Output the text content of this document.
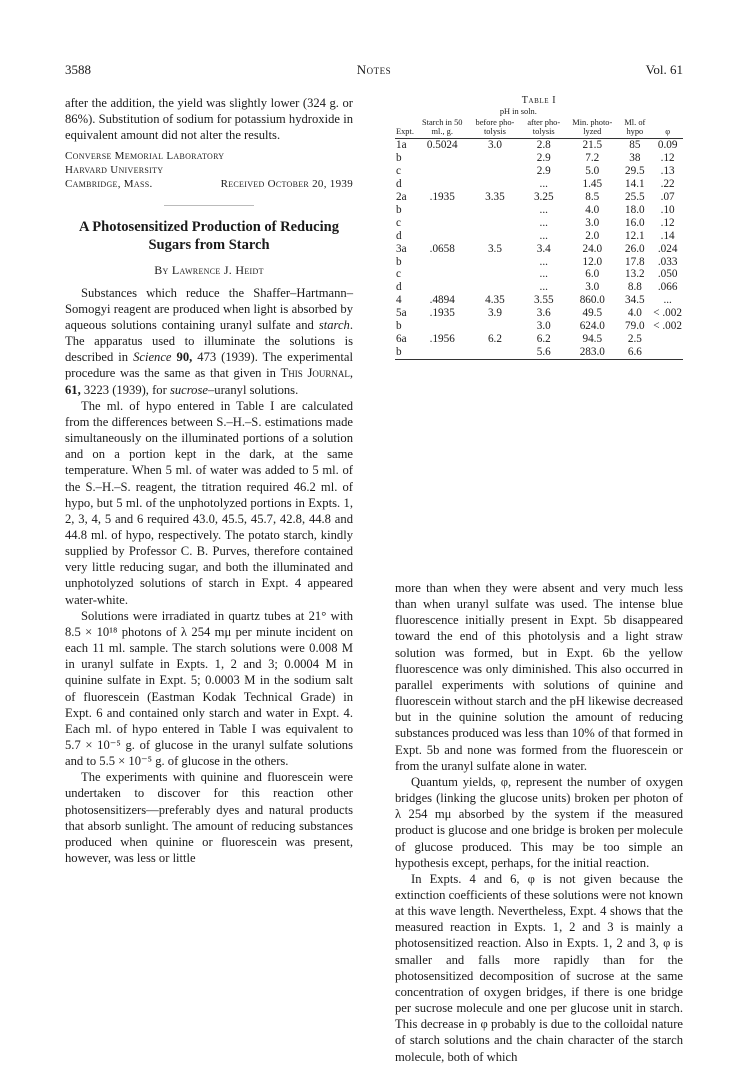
3588	Notes	Vol. 61

after the addition, the yield was slightly lower (324 g. or 86%). Substitution of sodium for potassium hydroxide in equivalent amount did not alter the results.

Converse Memorial Laboratory
Harvard University
Cambridge, Mass.	Received October 20, 1939
A Photosensitized Production of Reducing Sugars from Starch
By Lawrence J. Heidt

Substances which reduce the Shaffer–Hartmann–Somogyi reagent are produced when light is absorbed by aqueous solutions containing uranyl sulfate and starch. The apparatus used to illuminate the solutions is described in Science 90, 473 (1939). The experimental procedure was the same as that given in This Journal, 61, 3223 (1939), for sucrose–uranyl solutions.

The ml. of hypo entered in Table I are calculated from the differences between S.–H.–S. estimations made simultaneously on the illuminated portions of a solution and on a portion kept in the dark, at the same temperature. When 5 ml. of water was added to 5 ml. of the S.–H.–S. reagent, the titration required 46.2 ml. of hypo, but 5 ml. of the unphotolyzed portions in Expts. 1, 2, 3, 4, 5 and 6 required 43.0, 45.5, 45.7, 42.8, 44.8 and 44.8 ml. of hypo, respectively. The potato starch, kindly supplied by Professor C. B. Purves, therefore contained very little reducing sugar, and both the illuminated and unphotolyzed solutions of starch in Expt. 4 appeared water-white.

Solutions were irradiated in quartz tubes at 21° with 8.5 × 10¹⁸ photons of λ 254 mμ per minute incident on each 11 ml. sample. The starch solutions were 0.008 M in uranyl sulfate in Expts. 1, 2 and 3; 0.0004 M in quinine sulfate in Expt. 5; 0.0003 M in the sodium salt of fluorescein (Eastman Kodak Technical Grade) in Expt. 6 and contained only starch and water in Expt. 4. Each ml. of hypo entered in Table I was equivalent to 5.7 × 10⁻⁵ g. of glucose in the uranyl sulfate solutions and to 5.5 × 10⁻⁵ g. of glucose in the others.

The experiments with quinine and fluorescein were undertaken to discover for this reaction other photosensitizers—preferably dyes and natural products that absorb sunlight. The amount of reducing substances produced when quinine or fluorescein was present, however, was less or little

Table I
		pH in soln.				
Expt.	Starch in 50 ml., g.	before pho- tolysis	after pho- tolysis	Min. photo- lyzed	Ml. of hypo	φ
1a	0.5024	3.0	2.8	21.5	85	0.09
b			2.9	7.2	38	.12
c			2.9	5.0	29.5	.13
d			...	1.45	14.1	.22
2a	.1935	3.35	3.25	8.5	25.5	.07
b			...	4.0	18.0	.10
c			...	3.0	16.0	.12
d			...	2.0	12.1	.14
3a	.0658	3.5	3.4	24.0	26.0	.024
b			...	12.0	17.8	.033
c			...	6.0	13.2	.050
d			...	3.0	8.8	.066
4	.4894	4.35	3.55	860.0	34.5	...
5a	.1935	3.9	3.6	49.5	4.0	< .002
b			3.0	624.0	79.0	< .002
6a	.1956	6.2	6.2	94.5	2.5	
b			5.6	283.0	6.6	

more than when they were absent and very much less than when uranyl sulfate was used. The intense blue fluorescence initially present in Expt. 5b disappeared toward the end of this photolysis and a light straw solution was formed, but in Expt. 6b the yellow fluorescence was only diminished. This also occurred in parallel experiments with solutions of quinine and fluorescein without starch and the pH likewise decreased but in the quinine solution the amount of reducing substances produced was less than 10% of that formed in Expt. 5b and none was formed from the fluorescein or from the uranyl sulfate alone in water.

Quantum yields, φ, represent the number of oxygen bridges (linking the glucose units) broken per photon of λ 254 mμ absorbed by the system if the measured product is glucose and one bridge is broken per molecule of glucose produced. This may be too simple an hypothesis except, perhaps, for the initial reaction.

In Expts. 4 and 6, φ is not given because the extinction coefficients of these solutions were not known at this wave length. Nevertheless, Expt. 4 shows that the measured reaction in Expts. 1, 2 and 3 is mainly a photosensitized reaction. Also in Expts. 1, 2 and 3, φ is smaller and falls more rapidly than for the photosensitized decomposition of sucrose at the same concentration of oxygen bridges, if there is one bridge per sucrose molecule and one per glucose unit in starch. This decrease in φ probably is due to the colloidal nature of starch solutions and the chain character of the starch molecule, both of which
